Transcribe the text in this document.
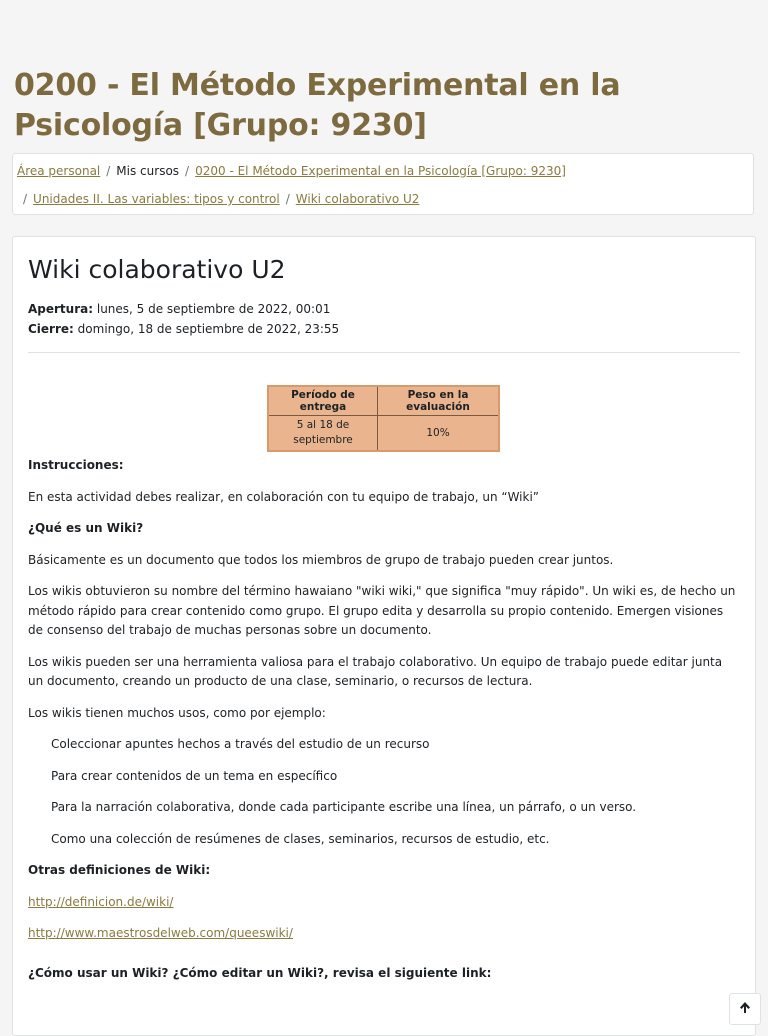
0200 - El Método Experimental en la Psicología [Grupo: 9230]
Área personal / Mis cursos / 0200 - El Método Experimental en la Psicología [Grupo: 9230]
/ Unidades II. Las variables: tipos y control / Wiki colaborativo U2
Wiki colaborativo U2
Apertura: lunes, 5 de septiembre de 2022, 00:01
Cierre: domingo, 18 de septiembre de 2022, 23:55
Período de entrega	Peso en la evaluación
5 al 18 de septiembre	10%

Instrucciones:

En esta actividad debes realizar, en colaboración con tu equipo de trabajo, un “Wiki”

¿Qué es un Wiki?

Básicamente es un documento que todos los miembros de grupo de trabajo pueden crear juntos.

Los wikis obtuvieron su nombre del término hawaiano "wiki wiki," que significa "muy rápido". Un wiki es, de hecho un método rápido para crear contenido como grupo. El grupo edita y desarrolla su propio contenido. Emergen visiones de consenso del trabajo de muchas personas sobre un documento.

Los wikis pueden ser una herramienta valiosa para el trabajo colaborativo. Un equipo de trabajo puede editar junta un documento, creando un producto de una clase, seminario, o recursos de lectura.

Los wikis tienen muchos usos, como por ejemplo:

Coleccionar apuntes hechos a través del estudio de un recurso

Para crear contenidos de un tema en específico

Para la narración colaborativa, donde cada participante escribe una línea, un párrafo, o un verso.

Como una colección de resúmenes de clases, seminarios, recursos de estudio, etc.

Otras definiciones de Wiki:

http://definicion.de/wiki/

http://www.maestrosdelweb.com/queeswiki/

¿Cómo usar un Wiki? ¿Cómo editar un Wiki?, revisa el siguiente link:
